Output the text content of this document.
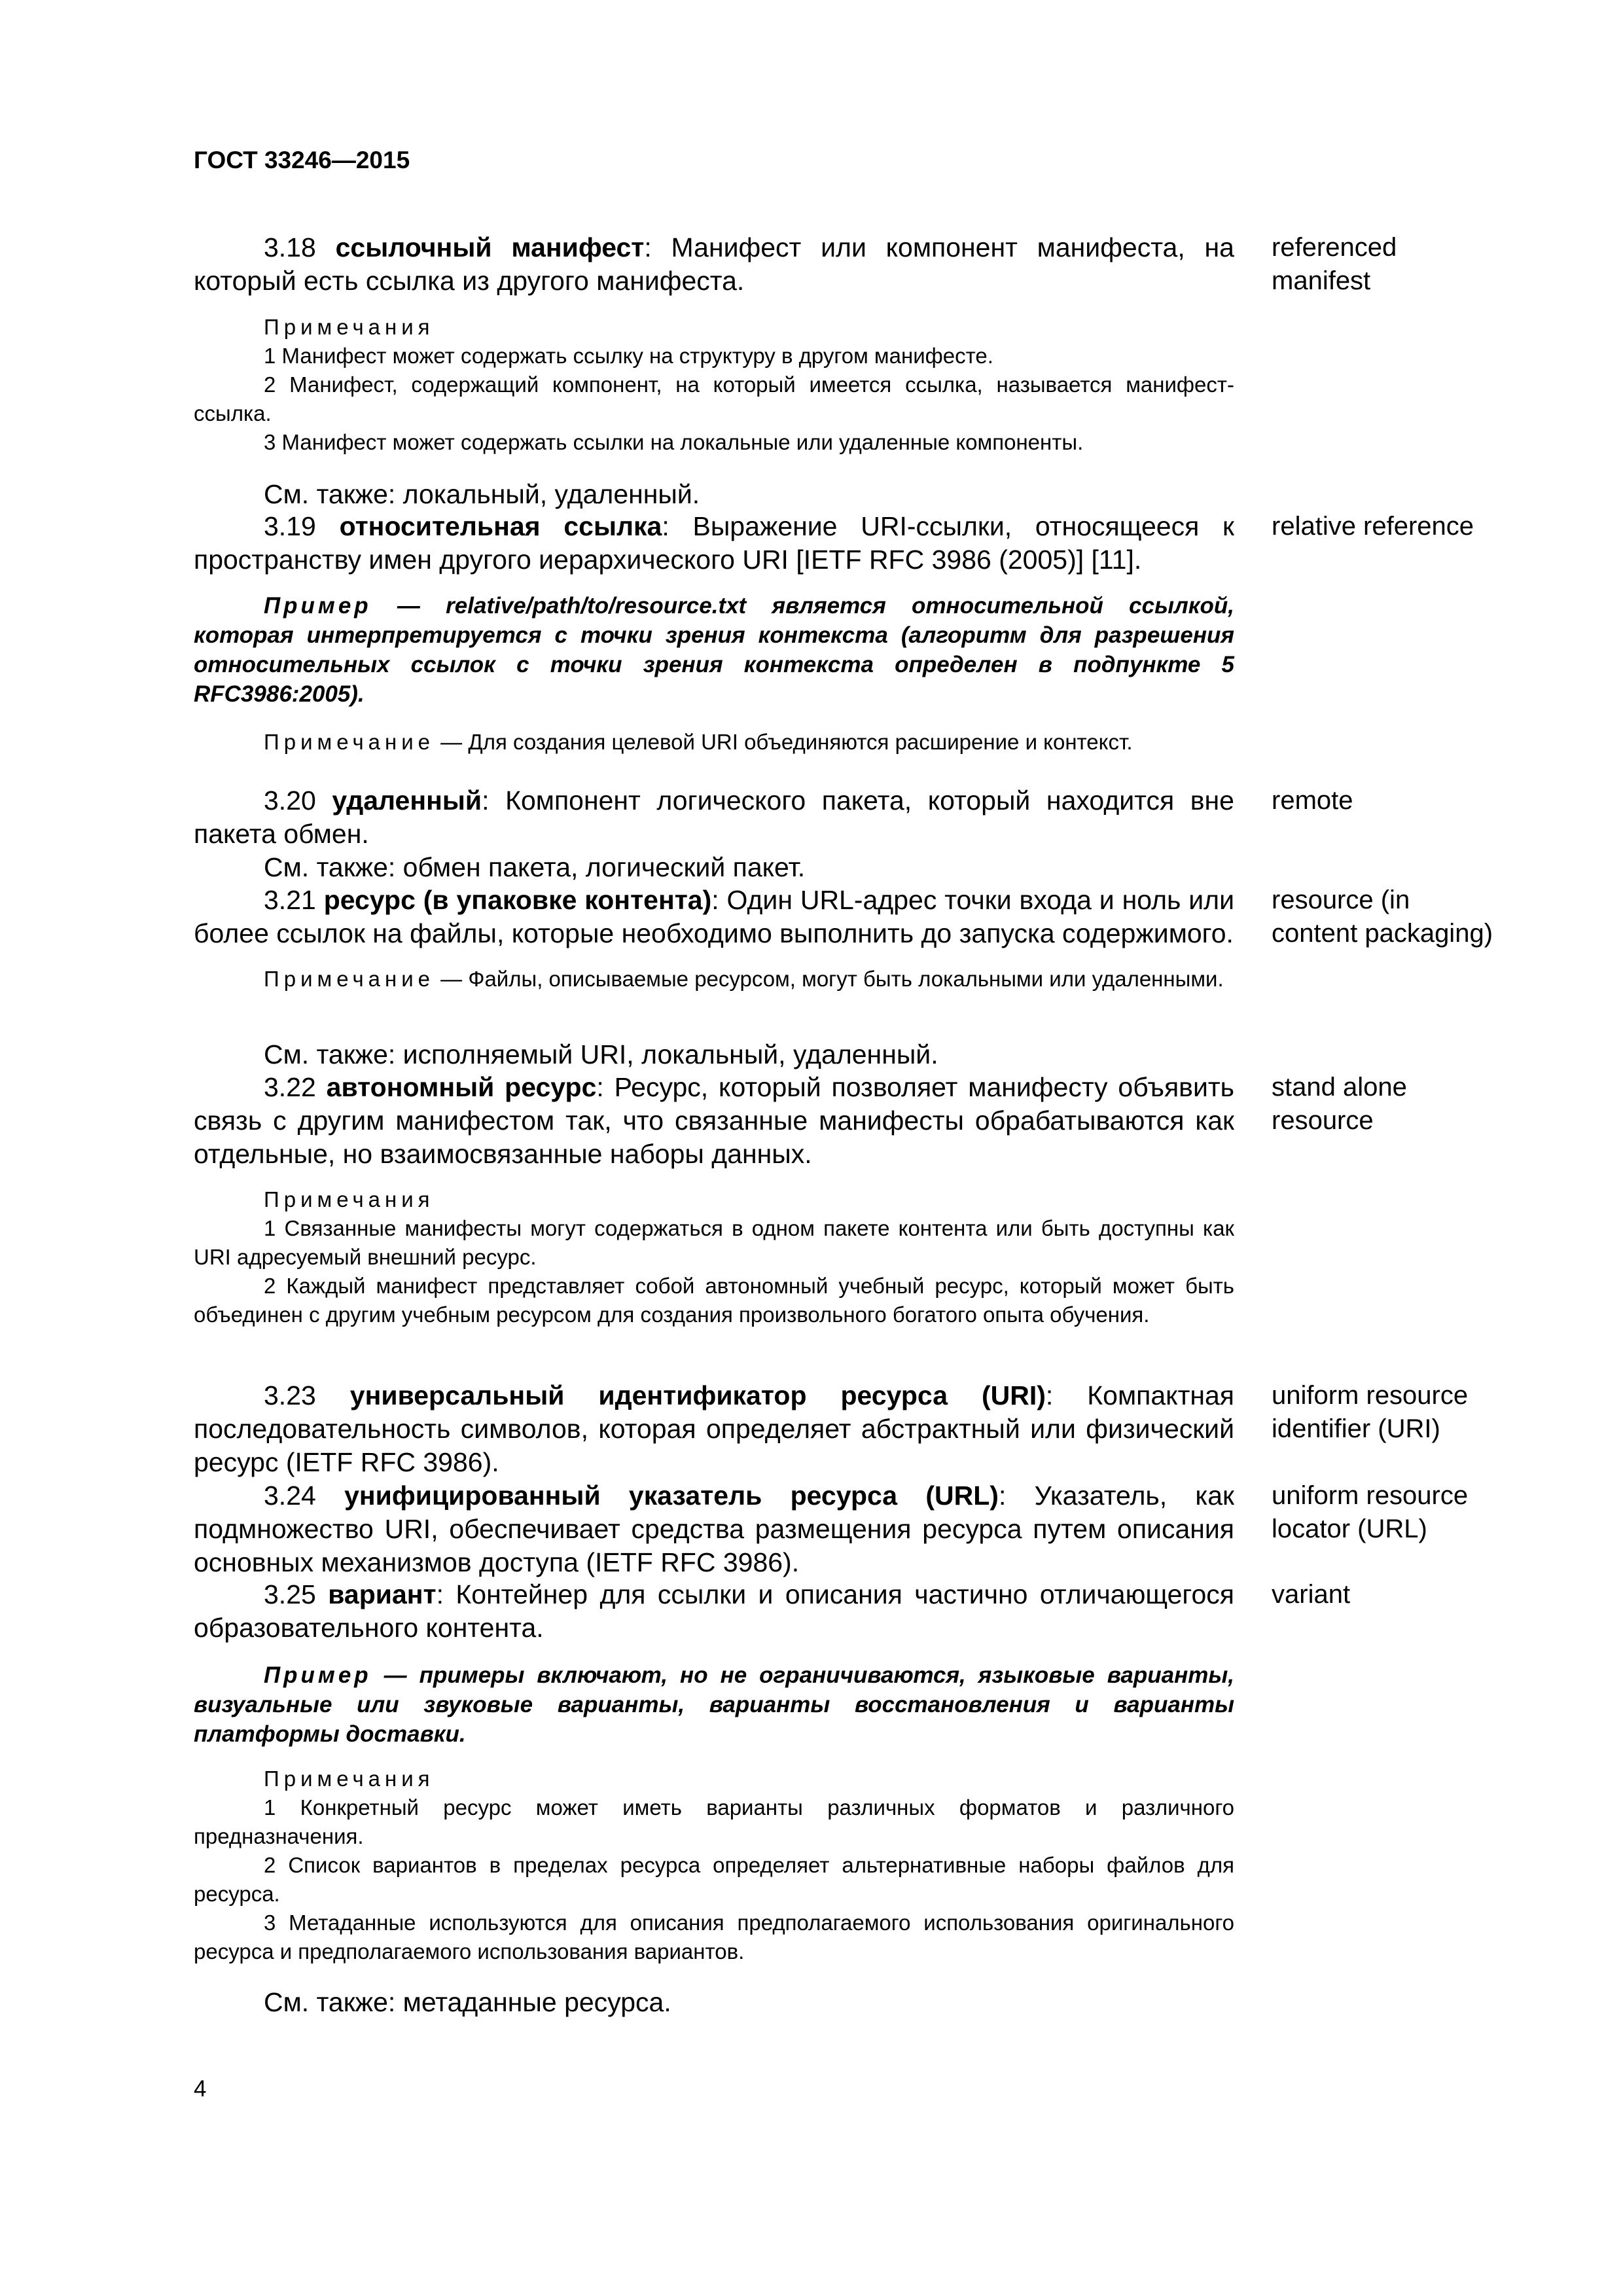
ГОСТ 33246—2015
3.18 ссылочный манифест: Манифест или компонент манифеста, на который есть ссылка из другого манифеста.
referenced
manifest

Примечания

1 Манифест может содержать ссылку на структуру в другом манифесте.

2 Манифест, содержащий компонент, на который имеется ссылка, называется манифест-ссылка.

3 Манифест может содержать ссылки на локальные или удаленные компоненты.

См. также: локальный, удаленный.
3.19 относительная ссылка: Выражение URI-ссылки, относящееся к пространству имен другого иерархического URI [IETF RFC 3986 (2005)] [11].
relative reference
Пример — relative/path/to/resource.txt является относительной ссылкой, которая интерпретируется с точки зрения контекста (алгоритм для разрешения относительных ссылок с точки зрения контекста определен в подпункте 5 RFC3986:2005).

Примечание — Для создания целевой URI объединяются расширение и контекст.

3.20 удаленный: Компонент логического пакета, который находится вне пакета обмен.
remote
См. также: обмен пакета, логический пакет.
3.21 ресурс (в упаковке контента): Один URL-адрес точки входа и ноль или более ссылок на файлы, которые необходимо выполнить до запуска содержимого.
resource (in
content packaging)

Примечание — Файлы, описываемые ресурсом, могут быть локальными или удаленными.

См. также: исполняемый URI, локальный, удаленный.
3.22 автономный ресурс: Ресурс, который позволяет манифесту объявить связь с другим манифестом так, что связанные манифесты обрабатываются как отдельные, но взаимосвязанные наборы данных.
stand alone
resource

Примечания

1 Связанные манифесты могут содержаться в одном пакете контента или быть доступны как URI адресуемый внешний ресурс.

2 Каждый манифест представляет собой автономный учебный ресурс, который может быть объединен с другим учебным ресурсом для создания произвольного богатого опыта обучения.

3.23 универсальный идентификатор ресурса (URI): Компактная последовательность символов, которая определяет абстрактный или физический ресурс (IETF RFC 3986).
uniform resource
identifier (URI)
3.24 унифицированный указатель ресурса (URL): Указатель, как подмножество URI, обеспечивает средства размещения ресурса путем описания основных механизмов доступа (IETF RFC 3986).
uniform resource
locator (URL)
3.25 вариант: Контейнер для ссылки и описания частично отличающегося образовательного контента.
variant
Пример — примеры включают, но не ограничиваются, языковые варианты, визуальные или звуковые варианты, варианты восстановления и варианты платформы доставки.

Примечания

1 Конкретный ресурс может иметь варианты различных форматов и различного предназначения.

2 Список вариантов в пределах ресурса определяет альтернативные наборы файлов для ресурса.

3 Метаданные используются для описания предполагаемого использования оригинального ресурса и предполагаемого использования вариантов.

См. также: метаданные ресурса.
4
